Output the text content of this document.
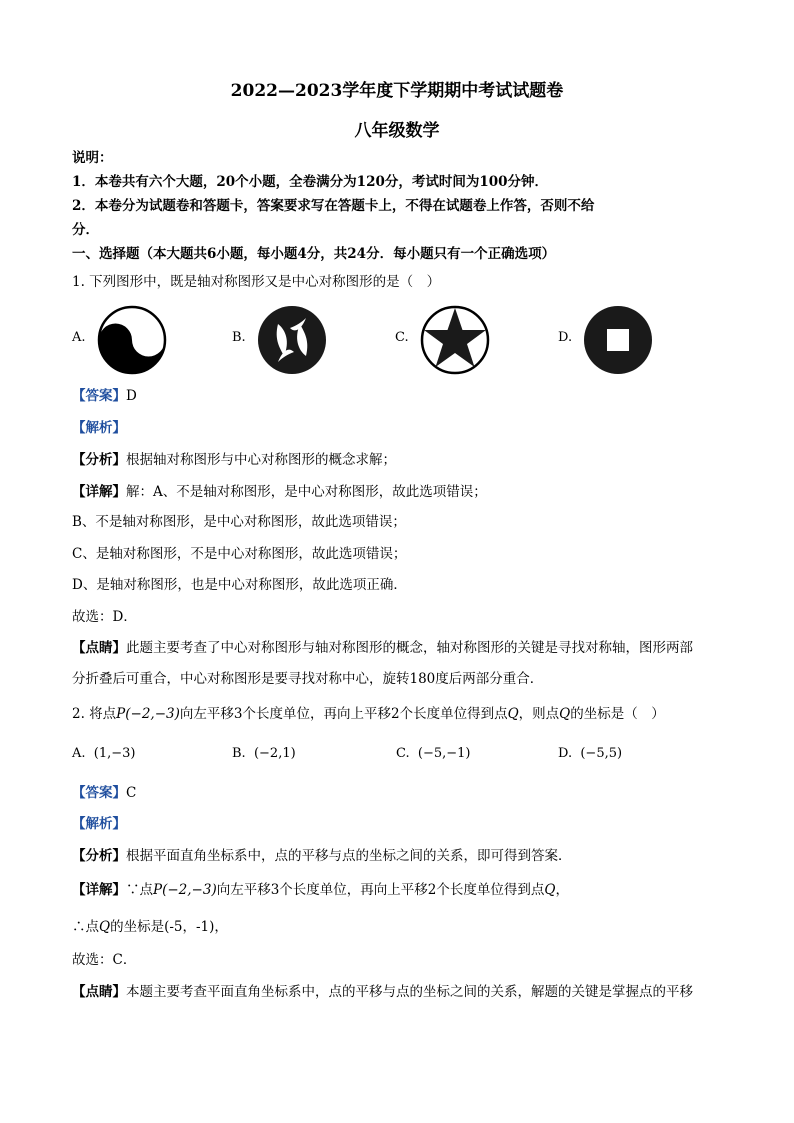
2022—2023学年度下学期期中考试试题卷
八年级数学
说明：
1．本卷共有六个大题，20个小题，全卷满分为120分，考试时间为100分钟．
2．本卷分为试题卷和答题卡，答案要求写在答题卡上，不得在试题卷上作答，否则不给
分．
一、选择题（本大题共6小题，每小题4分，共24分．每小题只有一个正确选项）
1. 下列图形中，既是轴对称图形又是中心对称图形的是（　）
A.	B.	C.	D.
【答案】D
【解析】
【分析】根据轴对称图形与中心对称图形的概念求解；
【详解】解：A、不是轴对称图形，是中心对称图形，故此选项错误；
B、不是轴对称图形，是中心对称图形，故此选项错误；
C、是轴对称图形，不是中心对称图形，故此选项错误；
D、是轴对称图形，也是中心对称图形，故此选项正确．
故选：D．
【点睛】此题主要考查了中心对称图形与轴对称图形的概念，轴对称图形的关键是寻找对称轴，图形两部
分折叠后可重合，中心对称图形是要寻找对称中心，旋转180度后两部分重合．
2. 将点P(−2,−3)向左平移3个长度单位，再向上平移2个长度单位得到点Q，则点Q的坐标是（　）
A. (1,−3)	B. (−2,1)	C. (−5,−1)	D. (−5,5)
【答案】C
【解析】
【分析】根据平面直角坐标系中，点的平移与点的坐标之间的关系，即可得到答案．
【详解】∵点P(−2,−3)向左平移3个长度单位，再向上平移2个长度单位得到点Q，
∴点Q的坐标是(-5，-1)，
故选：C．
【点睛】本题主要考查平面直角坐标系中，点的平移与点的坐标之间的关系，解题的关键是掌握点的平移
